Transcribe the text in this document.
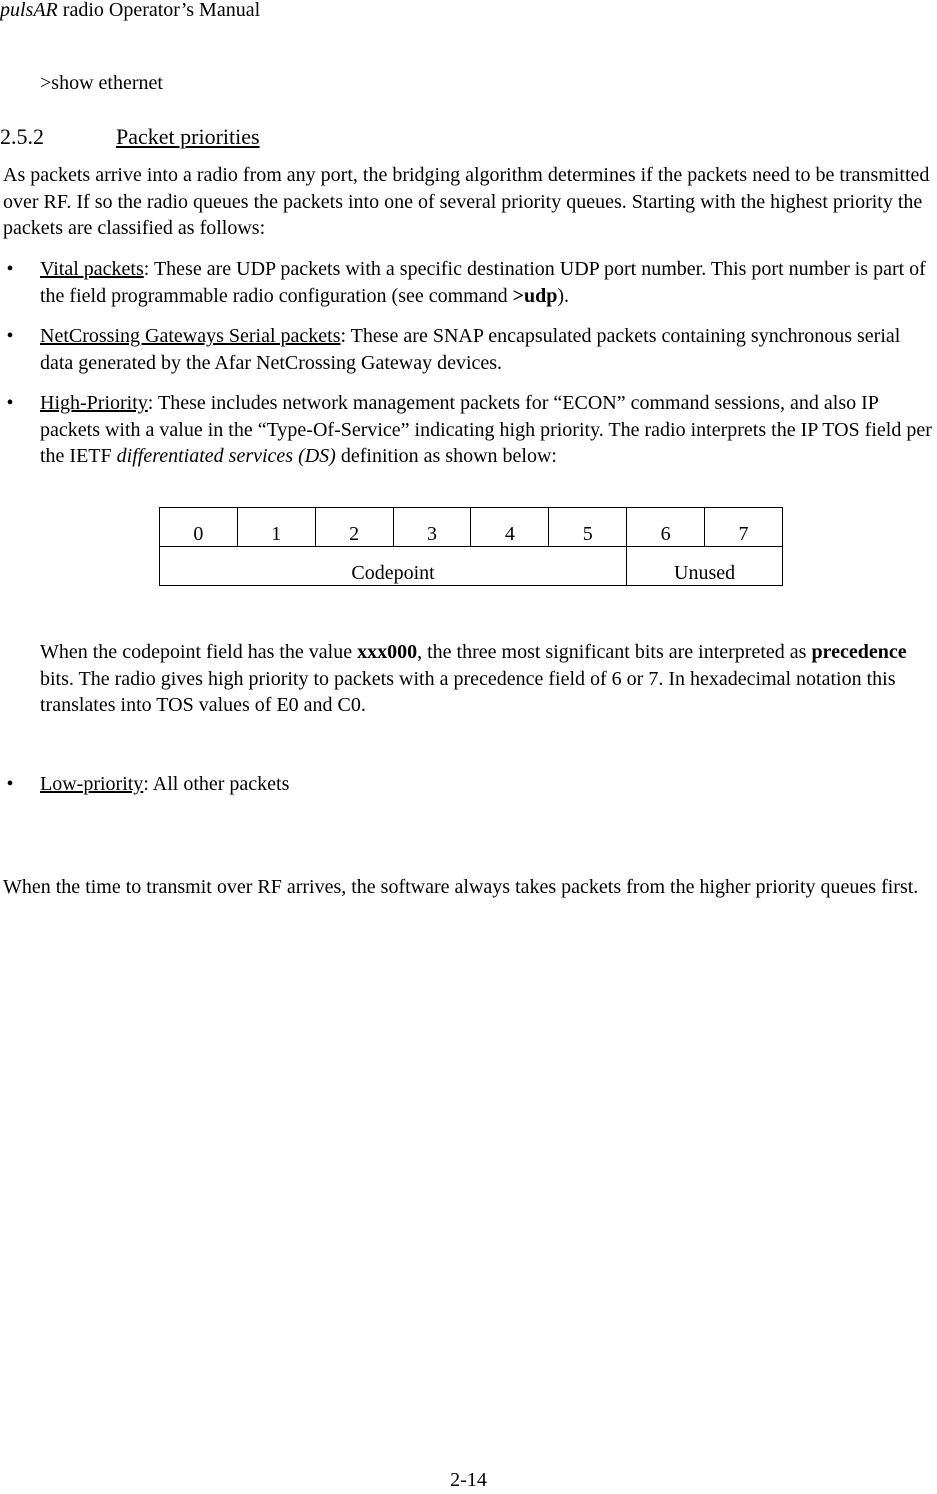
pulsAR radio Operator’s Manual
>show ethernet
2.5.2	Packet priorities
As packets arrive into a radio from any port, the bridging algorithm determines if the packets need to be transmitted over RF. If so the radio queues the packets into one of several priority queues. Starting with the highest priority the packets are classified as follows:
• Vital packets: These are UDP packets with a specific destination UDP port number. This port number is part of the field programmable radio configuration (see command >udp).
• NetCrossing Gateways Serial packets: These are SNAP encapsulated packets containing synchronous serial data generated by the Afar NetCrossing Gateway devices.
• High-Priority: These includes network management packets for “ECON” command sessions, and also IP packets with a value in the “Type-Of-Service” indicating high priority. The radio interprets the IP TOS field per the IETF differentiated services (DS) definition as shown below:
0	1	2	3	4	5	6	7
Codepoint						Unused	
When the codepoint field has the value xxx000, the three most significant bits are interpreted as precedence bits. The radio gives high priority to packets with a precedence field of 6 or 7. In hexadecimal notation this translates into TOS values of E0 and C0.
• Low-priority: All other packets
When the time to transmit over RF arrives, the software always takes packets from the higher priority queues first.
2-14
